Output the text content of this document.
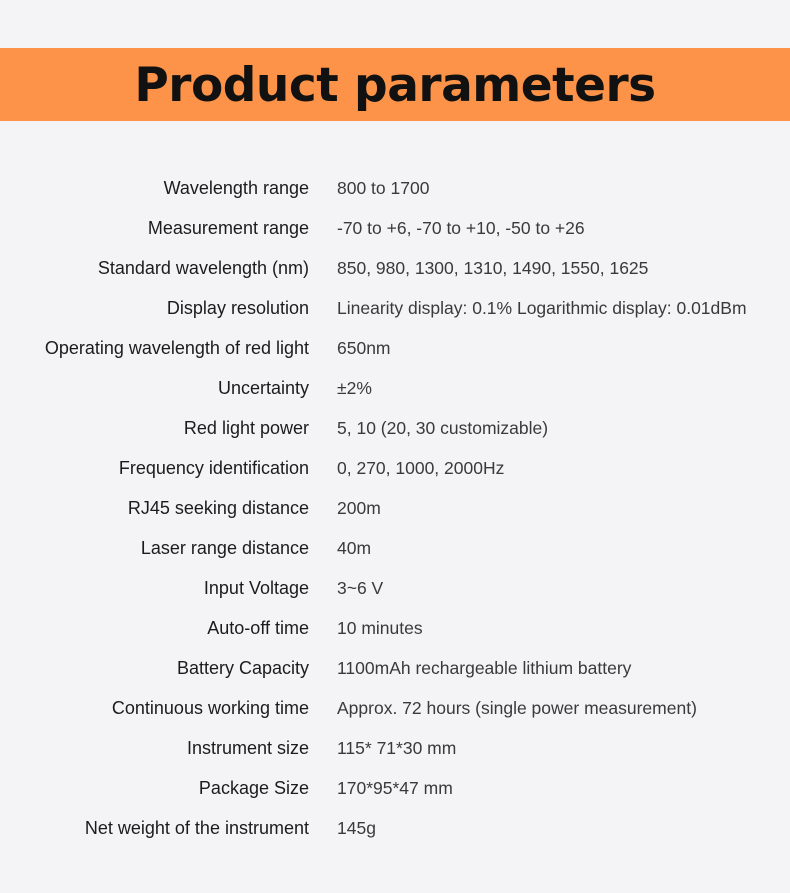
Product parameters
Wavelength range 800 to 1700
Measurement range -70 to +6, -70 to +10, -50 to +26
Standard wavelength (nm) 850, 980, 1300, 1310, 1490, 1550, 1625
Display resolution Linearity display: 0.1% Logarithmic display: 0.01dBm
Operating wavelength of red light 650nm
Uncertainty ±2%
Red light power 5, 10 (20, 30 customizable)
Frequency identification 0, 270, 1000, 2000Hz
RJ45 seeking distance 200m
Laser range distance 40m
Input Voltage 3~6 V
Auto-off time 10 minutes
Battery Capacity 1100mAh rechargeable lithium battery
Continuous working time Approx. 72 hours (single power measurement)
Instrument size 115* 71*30 mm
Package Size 170*95*47 mm
Net weight of the instrument 145g
